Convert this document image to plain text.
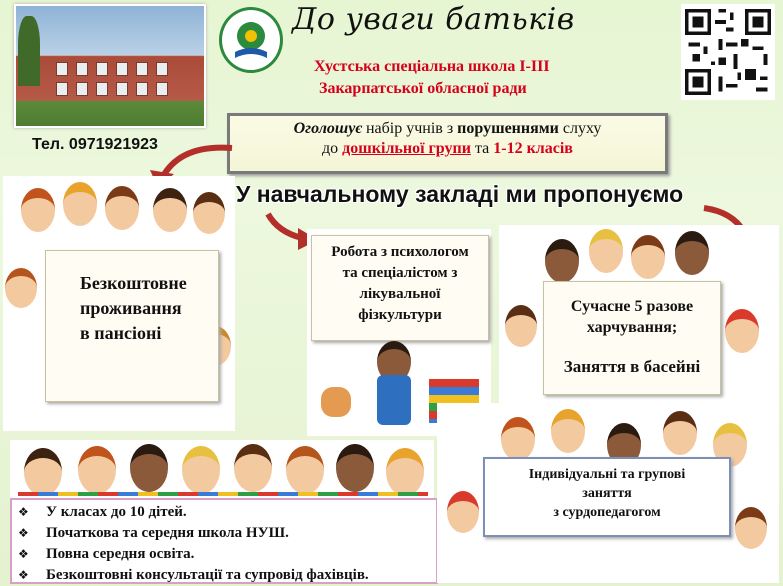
До уваги батьків
Хустська спеціальна школа І-ІІІ
Закарпатської обласної ради
Тел. 0971921923
Оголошує набір учнів з порушеннями слуху
до дошкільної групи та 1-12 класів
У навчальному закладі ми пропонуємо
Безкоштовне
проживання
в пансіоні
Робота з психологом
та спеціалістом з
лікувальної
фізкультури	Сучасне 5 разове
харчування;
Заняття в басейні
❖ У класах до 10 дітей.
❖ Початкова та середня школа НУШ.
❖ Повна середня освіта.
❖ Безкоштовні консультації та супровід фахівців.
Індивідуальні та групові
заняття
з сурдопедагогом
